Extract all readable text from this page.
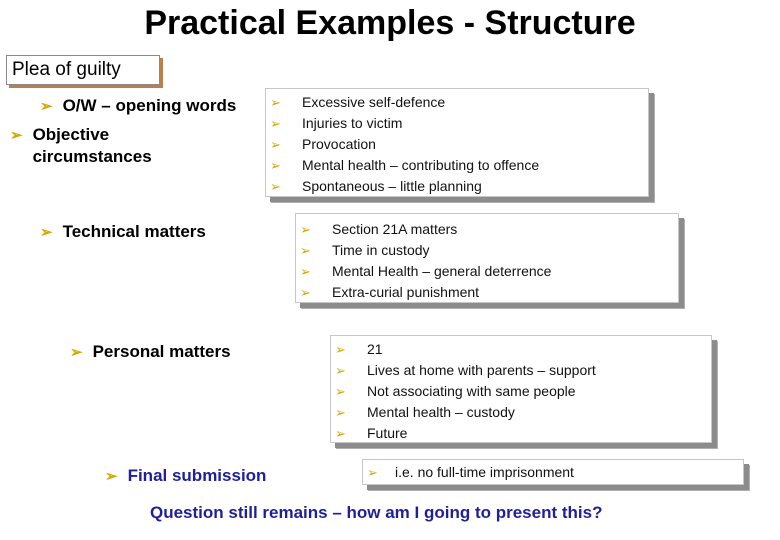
Practical Examples - Structure
Plea of guilty
➢ O/W – opening words
➢ Objective circumstances
➢ Technical matters
➢ Personal matters
➢ Final submission
➢ Excessive self-defence
➢ Injuries to victim
➢ Provocation
➢ Mental health – contributing to offence
➢ Spontaneous – little planning
➢ Section 21A matters
➢ Time in custody
➢ Mental Health – general deterrence
➢ Extra-curial punishment
➢ 21
➢ Lives at home with parents – support
➢ Not associating with same people
➢ Mental health – custody
➢ Future
➢ i.e. no full-time imprisonment
Question still remains – how am I going to present this?
